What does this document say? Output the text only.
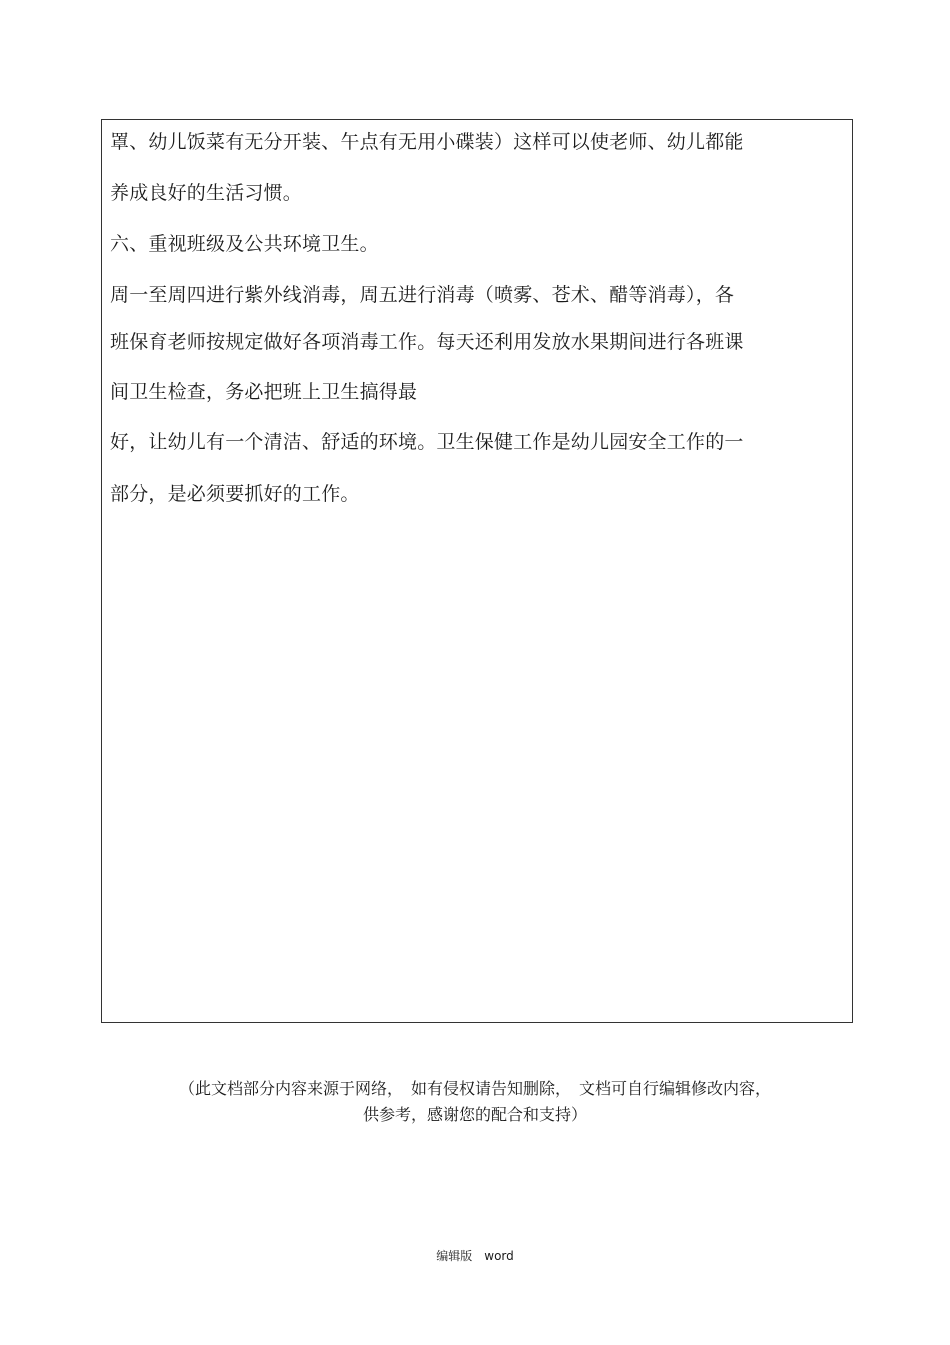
罩、幼儿饭菜有无分开装、午点有无用小碟装）这样可以使老师、幼儿都能
养成良好的生活习惯。
六、重视班级及公共环境卫生。
周一至周四进行紫外线消毒，周五进行消毒（喷雾、苍术、醋等消毒），各
班保育老师按规定做好各项消毒工作。每天还利用发放水果期间进行各班课
间卫生检查，务必把班上卫生搞得最
好，让幼儿有一个清洁、舒适的环境。卫生保健工作是幼儿园安全工作的一
部分，是必须要抓好的工作。
（此文档部分内容来源于网络，　如有侵权请告知删除，　文档可自行编辑修改内容，
供参考，感谢您的配合和支持）
编辑版　word
